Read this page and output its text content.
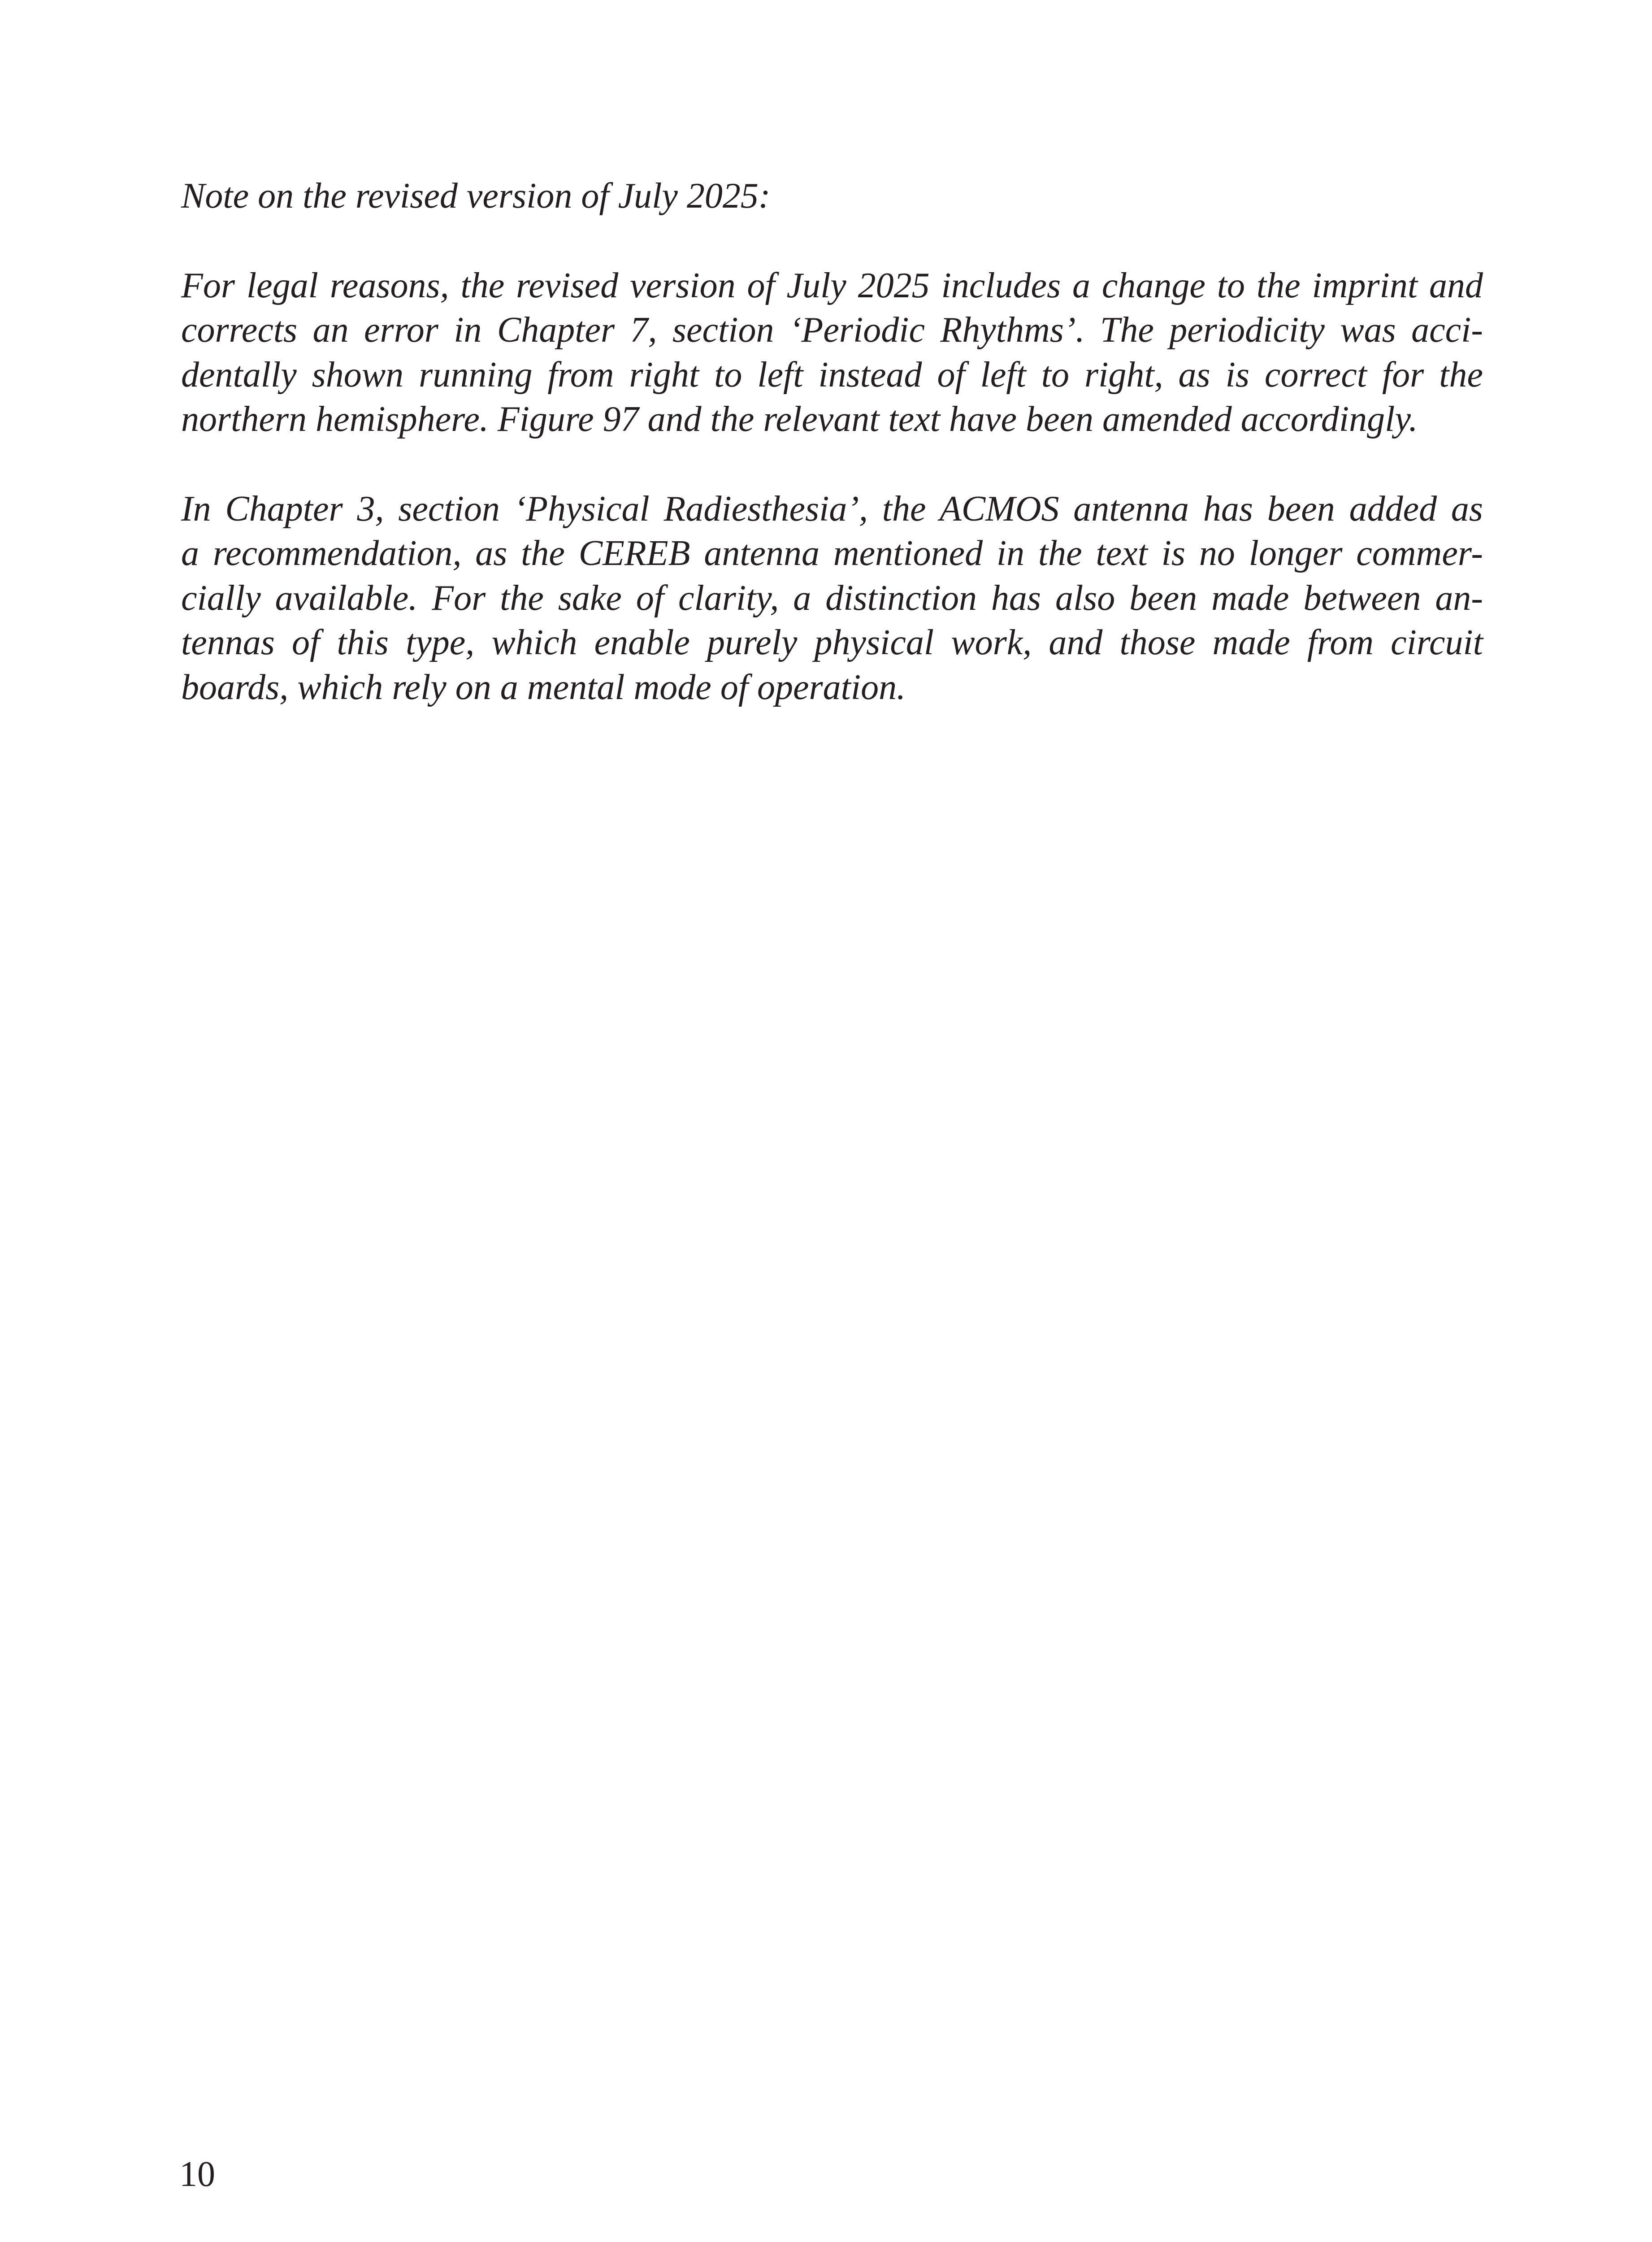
Note on the revised version of July 2025:

For legal reasons, the revised version of July 2025 includes a change to the imprint and
corrects an error in Chapter 7, section ‘Periodic Rhythms’. The periodicity was acci-
dentally shown running from right to left instead of left to right, as is correct for the
northern hemisphere. Figure 97 and the relevant text have been amended accordingly.

In Chapter 3, section ‘Physical Radiesthesia’, the ACMOS antenna has been added as
a recommendation, as the CEREB antenna mentioned in the text is no longer commer-
cially available. For the sake of clarity, a distinction has also been made between an-
tennas of this type, which enable purely physical work, and those made from circuit
boards, which rely on a mental mode of operation.

10
